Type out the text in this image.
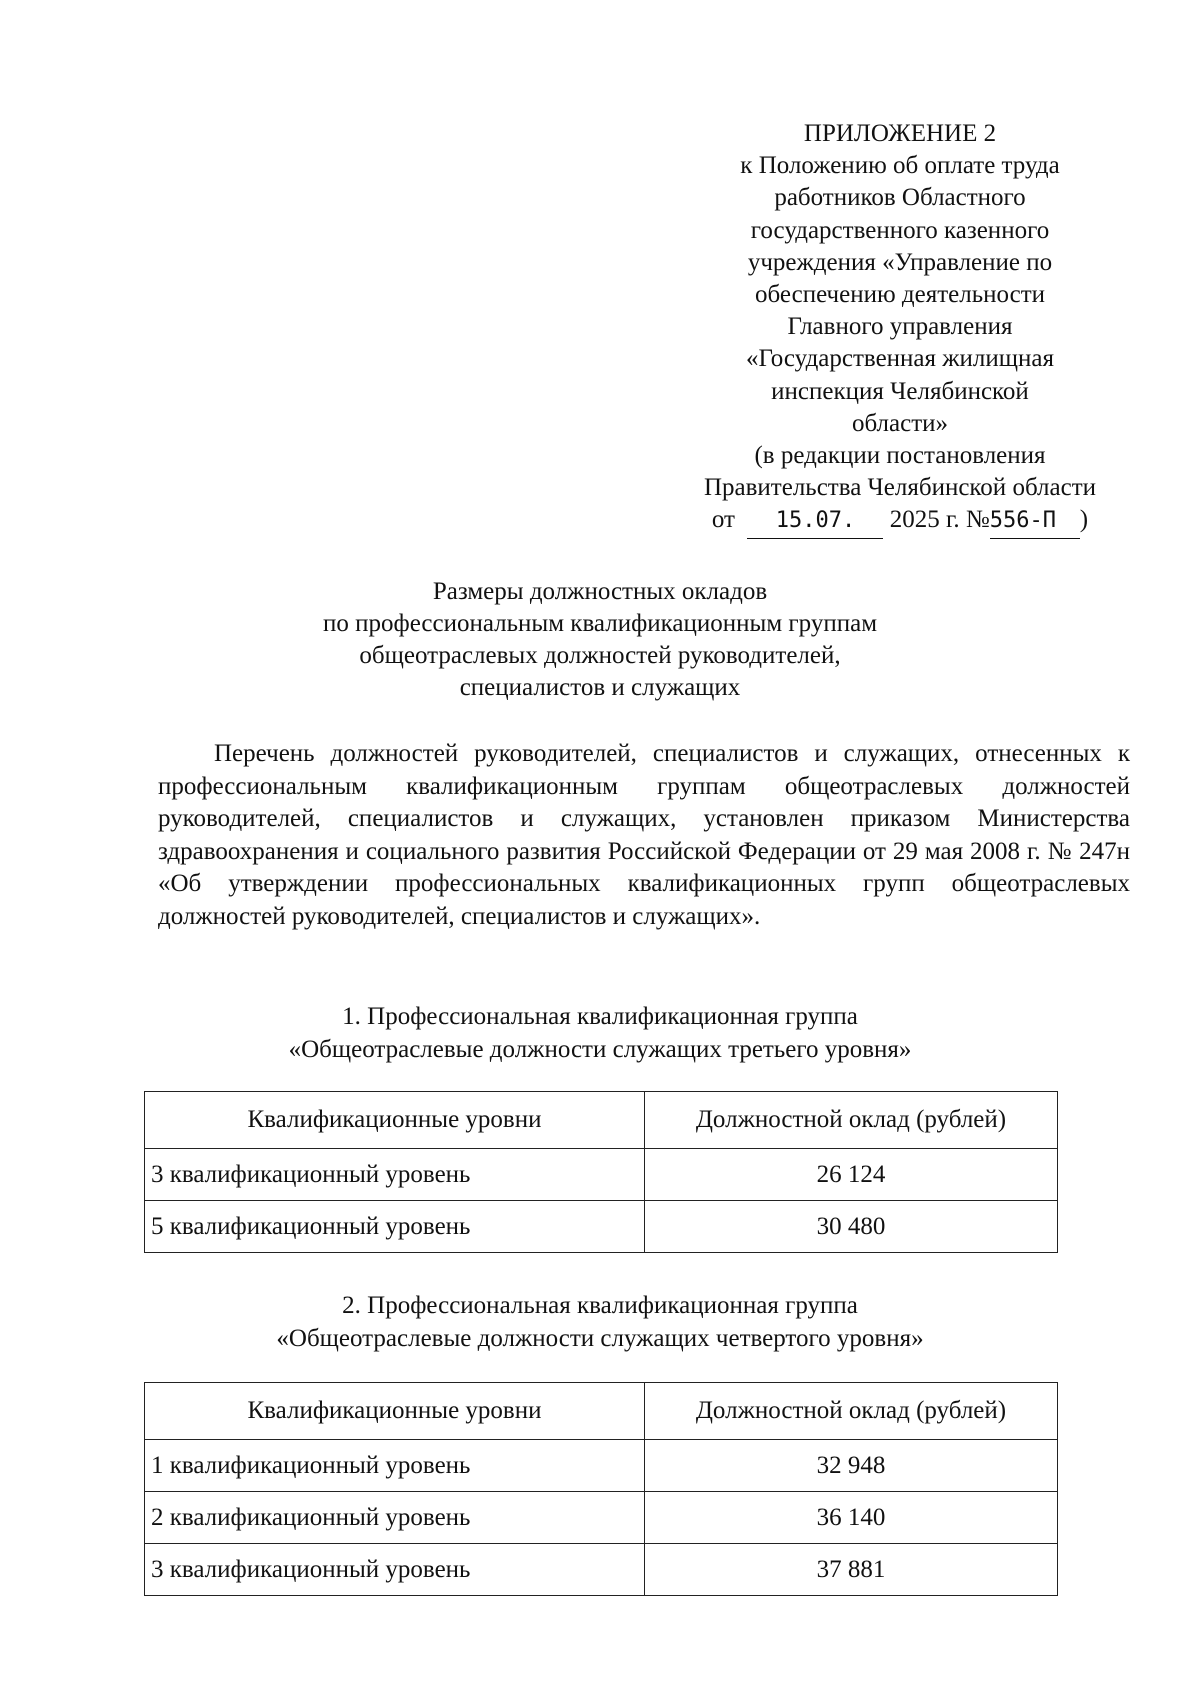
ПРИЛОЖЕНИЕ 2
к Положению об оплате труда
работников Областного
государственного казенного
учреждения «Управление по
обеспечению деятельности
Главного управления
«Государственная жилищная
инспекция Челябинской
области»
(в редакции постановления
Правительства Челябинской области
от 15.07. 2025 г. №556-П )
Размеры должностных окладов
по профессиональным квалификационным группам
общеотраслевых должностей руководителей,
специалистов и служащих

Перечень должностей руководителей, специалистов и служащих, отнесенных к профессиональным квалификационным группам общеотраслевых должностей руководителей, специалистов и служащих, установлен приказом Министерства здравоохранения и социального развития Российской Федерации от 29 мая 2008 г. № 247н «Об утверждении профессиональных квалификационных групп общеотраслевых должностей руководителей, специалистов и служащих».

1. Профессиональная квалификационная группа
«Общеотраслевые должности служащих третьего уровня»
Квалификационные уровни	Должностной оклад (рублей)
3 квалификационный уровень	26 124
5 квалификационный уровень	30 480
2. Профессиональная квалификационная группа
«Общеотраслевые должности служащих четвертого уровня»
Квалификационные уровни	Должностной оклад (рублей)
1 квалификационный уровень	32 948
2 квалификационный уровень	36 140
3 квалификационный уровень	37 881
